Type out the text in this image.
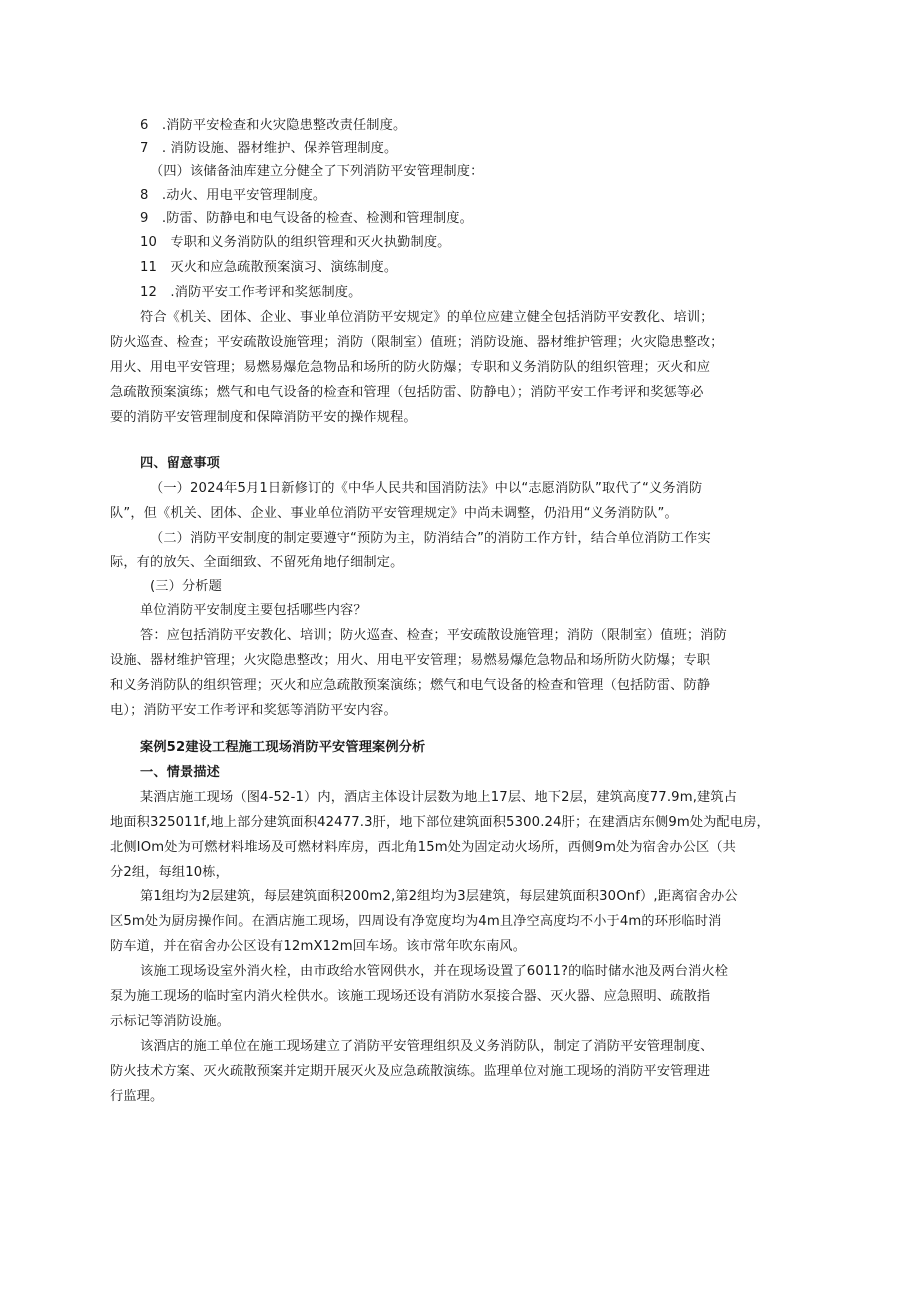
6　.消防平安检查和火灾隐患整改责任制度。
7　. 消防设施、器材维护、保养管理制度。
（四）该储备油库建立分健全了下列消防平安管理制度：
8　.动火、用电平安管理制度。
9　.防雷、防静电和电气设备的检查、检测和管理制度。
10　专职和义务消防队的组织管理和灭火执勤制度。
11　灭火和应急疏散预案演习、演练制度。
12　.消防平安工作考评和奖惩制度。
符合《机关、团体、企业、事业单位消防平安规定》的单位应建立健全包括消防平安教化、培训；
防火巡查、检查；平安疏散设施管理；消防（限制室）值班；消防设施、器材维护管理；火灾隐患整改；
用火、用电平安管理；易燃易爆危急物品和场所的防火防爆；专职和义务消防队的组织管理；灭火和应
急疏散预案演练；燃气和电气设备的检查和管理（包括防雷、防静电）；消防平安工作考评和奖惩等必
要的消防平安管理制度和保障消防平安的操作规程。
四、留意事项
（一）2024年5月1日新修订的《中华人民共和国消防法》中以“志愿消防队”取代了“义务消防
队”，但《机关、团体、企业、事业单位消防平安管理规定》中尚未调整，仍沿用“义务消防队”。
（二）消防平安制度的制定要遵守“预防为主，防消结合”的消防工作方针，结合单位消防工作实
际，有的放矢、全面细致、不留死角地仔细制定。
(三）分析题
单位消防平安制度主要包括哪些内容？
答：应包括消防平安教化、培训；防火巡查、检查；平安疏散设施管理；消防（限制室）值班；消防
设施、器材维护管理；火灾隐患整改；用火、用电平安管理；易燃易爆危急物品和场所防火防爆；专职
和义务消防队的组织管理；灭火和应急疏散预案演练；燃气和电气设备的检查和管理（包括防雷、防静
电）；消防平安工作考评和奖惩等消防平安内容。
案例52建设工程施工现场消防平安管理案例分析
一、情景描述
某酒店施工现场（图4-52-1）内，酒店主体设计层数为地上17层、地下2层，建筑高度77.9m,建筑占
地面积325011f,地上部分建筑面积42477.3肝，地下部位建筑面积5300.24肝；在建酒店东侧9m处为配电房，
北侧IOm处为可燃材料堆场及可燃材料库房，西北角15m处为固定动火场所，西侧9m处为宿舍办公区（共
分2组，每组10栋，
第1组均为2层建筑，每层建筑面积200m2,第2组均为3层建筑，每层建筑面积30Onf）,距离宿舍办公
区5m处为厨房操作间。在酒店施工现场，四周设有净宽度均为4m且净空高度均不小于4m的环形临时消
防车道，并在宿舍办公区设有12mX12m回车场。该市常年吹东南风。
该施工现场设室外消火栓，由市政给水管网供水，并在现场设置了6011?的临时储水池及两台消火栓
泵为施工现场的临时室内消火栓供水。该施工现场还设有消防水泵接合器、灭火器、应急照明、疏散指
示标记等消防设施。
该酒店的施工单位在施工现场建立了消防平安管理组织及义务消防队，制定了消防平安管理制度、
防火技术方案、灭火疏散预案并定期开展灭火及应急疏散演练。监理单位对施工现场的消防平安管理进
行监理。
